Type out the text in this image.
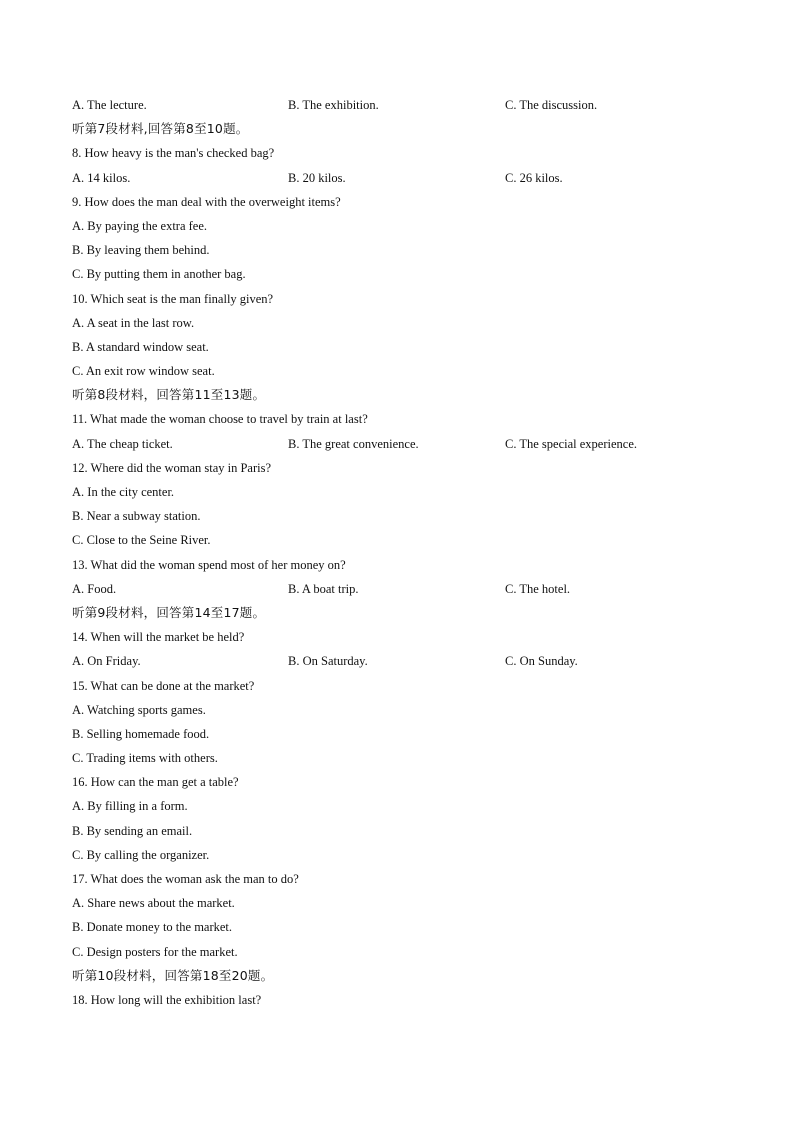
A. The lecture.	B. The exhibition.	C. The discussion.
听第7段材料,回答第8至10题。
8. How heavy is the man's checked bag?
A. 14 kilos.	B. 20 kilos.	C. 26 kilos.
9. How does the man deal with the overweight items?
A. By paying the extra fee.
B. By leaving them behind.
C. By putting them in another bag.
10. Which seat is the man finally given?
A. A seat in the last row.
B. A standard window seat.
C. An exit row window seat.
听第8段材料，回答第11至13题。
11. What made the woman choose to travel by train at last?
A. The cheap ticket.	B. The great convenience.	C. The special experience.
12. Where did the woman stay in Paris?
A. In the city center.
B. Near a subway station.
C. Close to the Seine River.
13. What did the woman spend most of her money on?
A. Food.	B. A boat trip.	C. The hotel.
听第9段材料，回答第14至17题。
14. When will the market be held?
A. On Friday.	B. On Saturday.	C. On Sunday.
15. What can be done at the market?
A. Watching sports games.
B. Selling homemade food.
C. Trading items with others.
16. How can the man get a table?
A. By filling in a form.
B. By sending an email.
C. By calling the organizer.
17. What does the woman ask the man to do?
A. Share news about the market.
B. Donate money to the market.
C. Design posters for the market.
听第10段材料，回答第18至20题。
18. How long will the exhibition last?
